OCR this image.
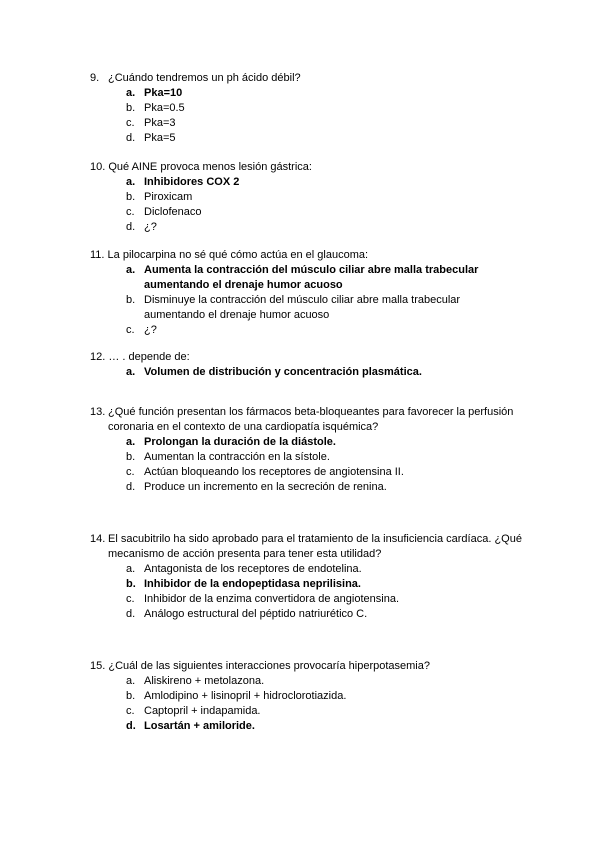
9. ¿Cuándo tendremos un ph ácido débil?

a. Pka=10
b. Pka=0.5
c. Pka=3
d. Pka=5

10. Qué AINE provoca menos lesión gástrica:

a. Inhibidores COX 2
b. Piroxicam
c. Diclofenaco
d. ¿?

11. La pilocarpina no sé qué cómo actúa en el glaucoma:

a. Aumenta la contracción del músculo ciliar abre malla trabecular aumentando el drenaje humor acuoso
b. Disminuye la contracción del músculo ciliar abre malla trabecular aumentando el drenaje humor acuoso
c. ¿?

12. … . depende de:

a. Volumen de distribución y concentración plasmática.

13. ¿Qué función presentan los fármacos beta-bloqueantes para favorecer la perfusión coronaria en el contexto de una cardiopatía isquémica?

a. Prolongan la duración de la diástole.
b. Aumentan la contracción en la sístole.
c. Actúan bloqueando los receptores de angiotensina II.
d. Produce un incremento en la secreción de renina.

14. El sacubitrilo ha sido aprobado para el tratamiento de la insuficiencia cardíaca. ¿Qué mecanismo de acción presenta para tener esta utilidad?

a. Antagonista de los receptores de endotelina.
b. Inhibidor de la endopeptidasa neprilisina.
c. Inhibidor de la enzima convertidora de angiotensina.
d. Análogo estructural del péptido natriurético C.

15. ¿Cuál de las siguientes interacciones provocaría hiperpotasemia?

a. Aliskireno + metolazona.
b. Amlodipino + lisinopril + hidroclorotiazida.
c. Captopril + indapamida.
d. Losartán + amiloride.
